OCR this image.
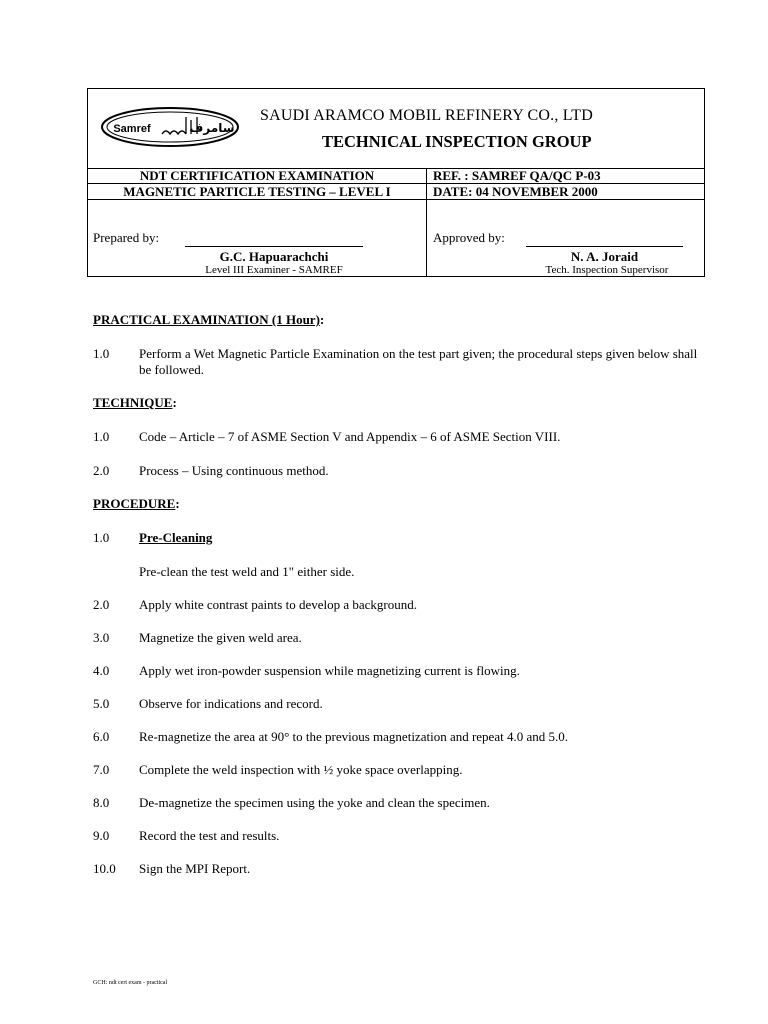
Samref	سامرف
SAUDI ARAMCO MOBIL REFINERY CO., LTD
TECHNICAL INSPECTION GROUP
NDT CERTIFICATION EXAMINATION	REF. : SAMREF QA/QC P-03
MAGNETIC PARTICLE TESTING – LEVEL I	DATE: 04 NOVEMBER 2000
Prepared by:
G.C. Hapuarachchi
Level III Examiner - SAMREF
Approved by:
N. A. Joraid
Tech. Inspection Supervisor
PRACTICAL EXAMINATION (1 Hour):
1.0 Perform a Wet Magnetic Particle Examination on the test part given; the procedural steps given below shall be followed.
TECHNIQUE:
1.0 Code – Article – 7 of ASME Section V and Appendix – 6 of ASME Section VIII.
2.0 Process – Using continuous method.
PROCEDURE:
1.0 Pre-Cleaning
Pre-clean the test weld and 1" either side.
2.0 Apply white contrast paints to develop a background.
3.0 Magnetize the given weld area.
4.0 Apply wet iron-powder suspension while magnetizing current is flowing.
5.0 Observe for indications and record.
6.0 Re-magnetize the area at 90° to the previous magnetization and repeat 4.0 and 5.0.
7.0 Complete the weld inspection with ½ yoke space overlapping.
8.0 De-magnetize the specimen using the yoke and clean the specimen.
9.0 Record the test and results.
10.0 Sign the MPI Report.
GCH: ndt cert exam - practical
